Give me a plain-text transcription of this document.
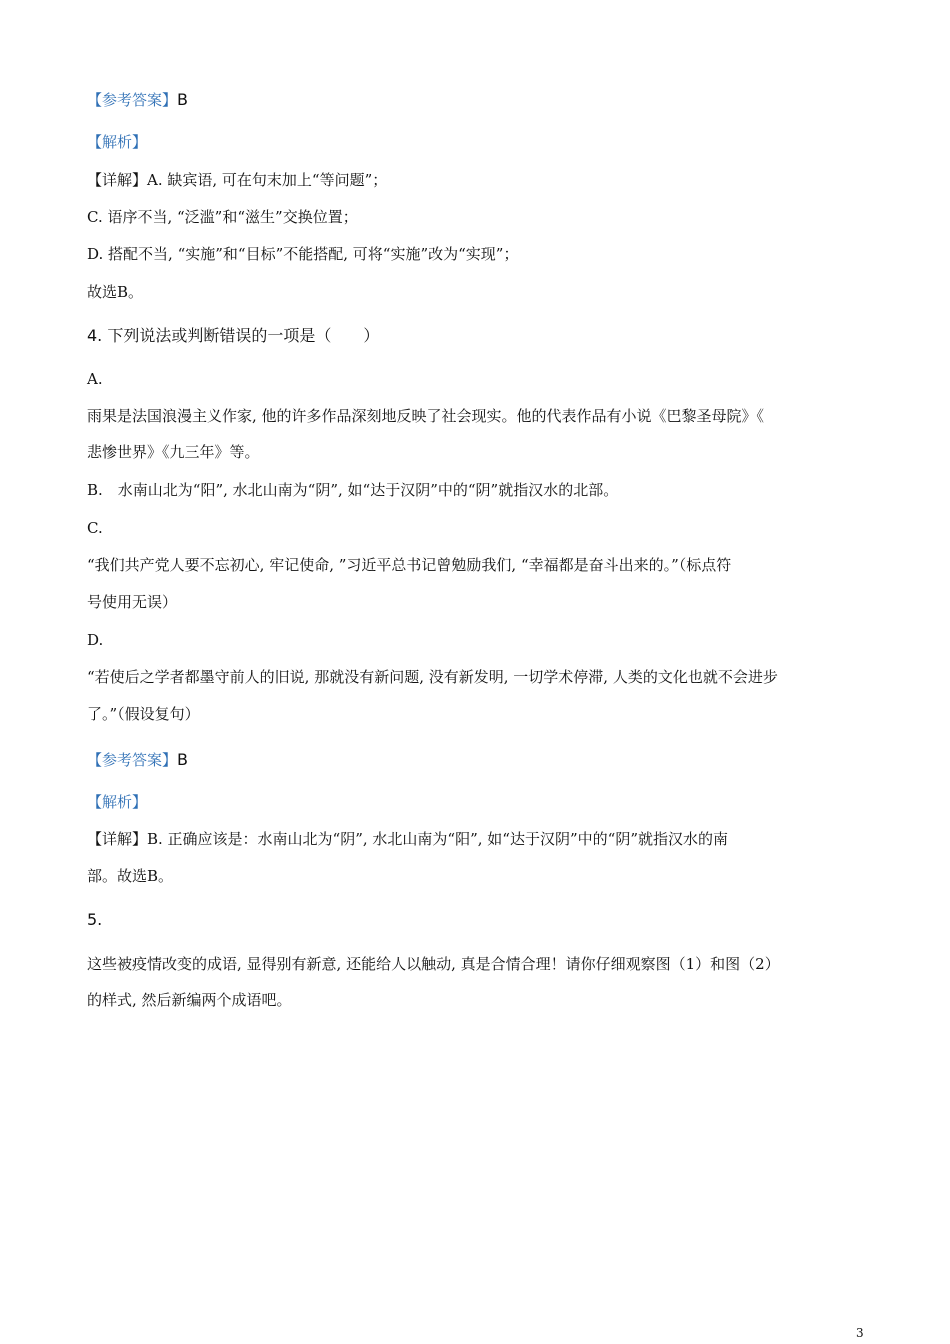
【参考答案】B
【解析】
【详解】A. 缺宾语, 可在句末加上“等问题”；
C. 语序不当, “泛滥”和“滋生”交换位置；
D. 搭配不当, “实施”和“目标”不能搭配, 可将“实施”改为“实现”；
故选B。
4. 下列说法或判断错误的一项是（　　）
A.
雨果是法国浪漫主义作家, 他的许多作品深刻地反映了社会现实。他的代表作品有小说《巴黎圣母院》《
悲惨世界》《九三年》等。
B.　水南山北为“阳”, 水北山南为“阴”, 如“达于汉阴”中的“阴”就指汉水的北部。
C.
“我们共产党人要不忘初心, 牢记使命, ”习近平总书记曾勉励我们, “幸福都是奋斗出来的。”（标点符
号使用无误）
D.
“若使后之学者都墨守前人的旧说, 那就没有新问题, 没有新发明, 一切学术停滞, 人类的文化也就不会进步
了。”（假设复句）
【参考答案】B
【解析】
【详解】B. 正确应该是：水南山北为“阴”, 水北山南为“阳”, 如“达于汉阴”中的“阴”就指汉水的南
部。故选B。
5.
这些被疫情改变的成语, 显得别有新意, 还能给人以触动, 真是合情合理！请你仔细观察图（1）和图（2）
的样式, 然后新编两个成语吧。
3
